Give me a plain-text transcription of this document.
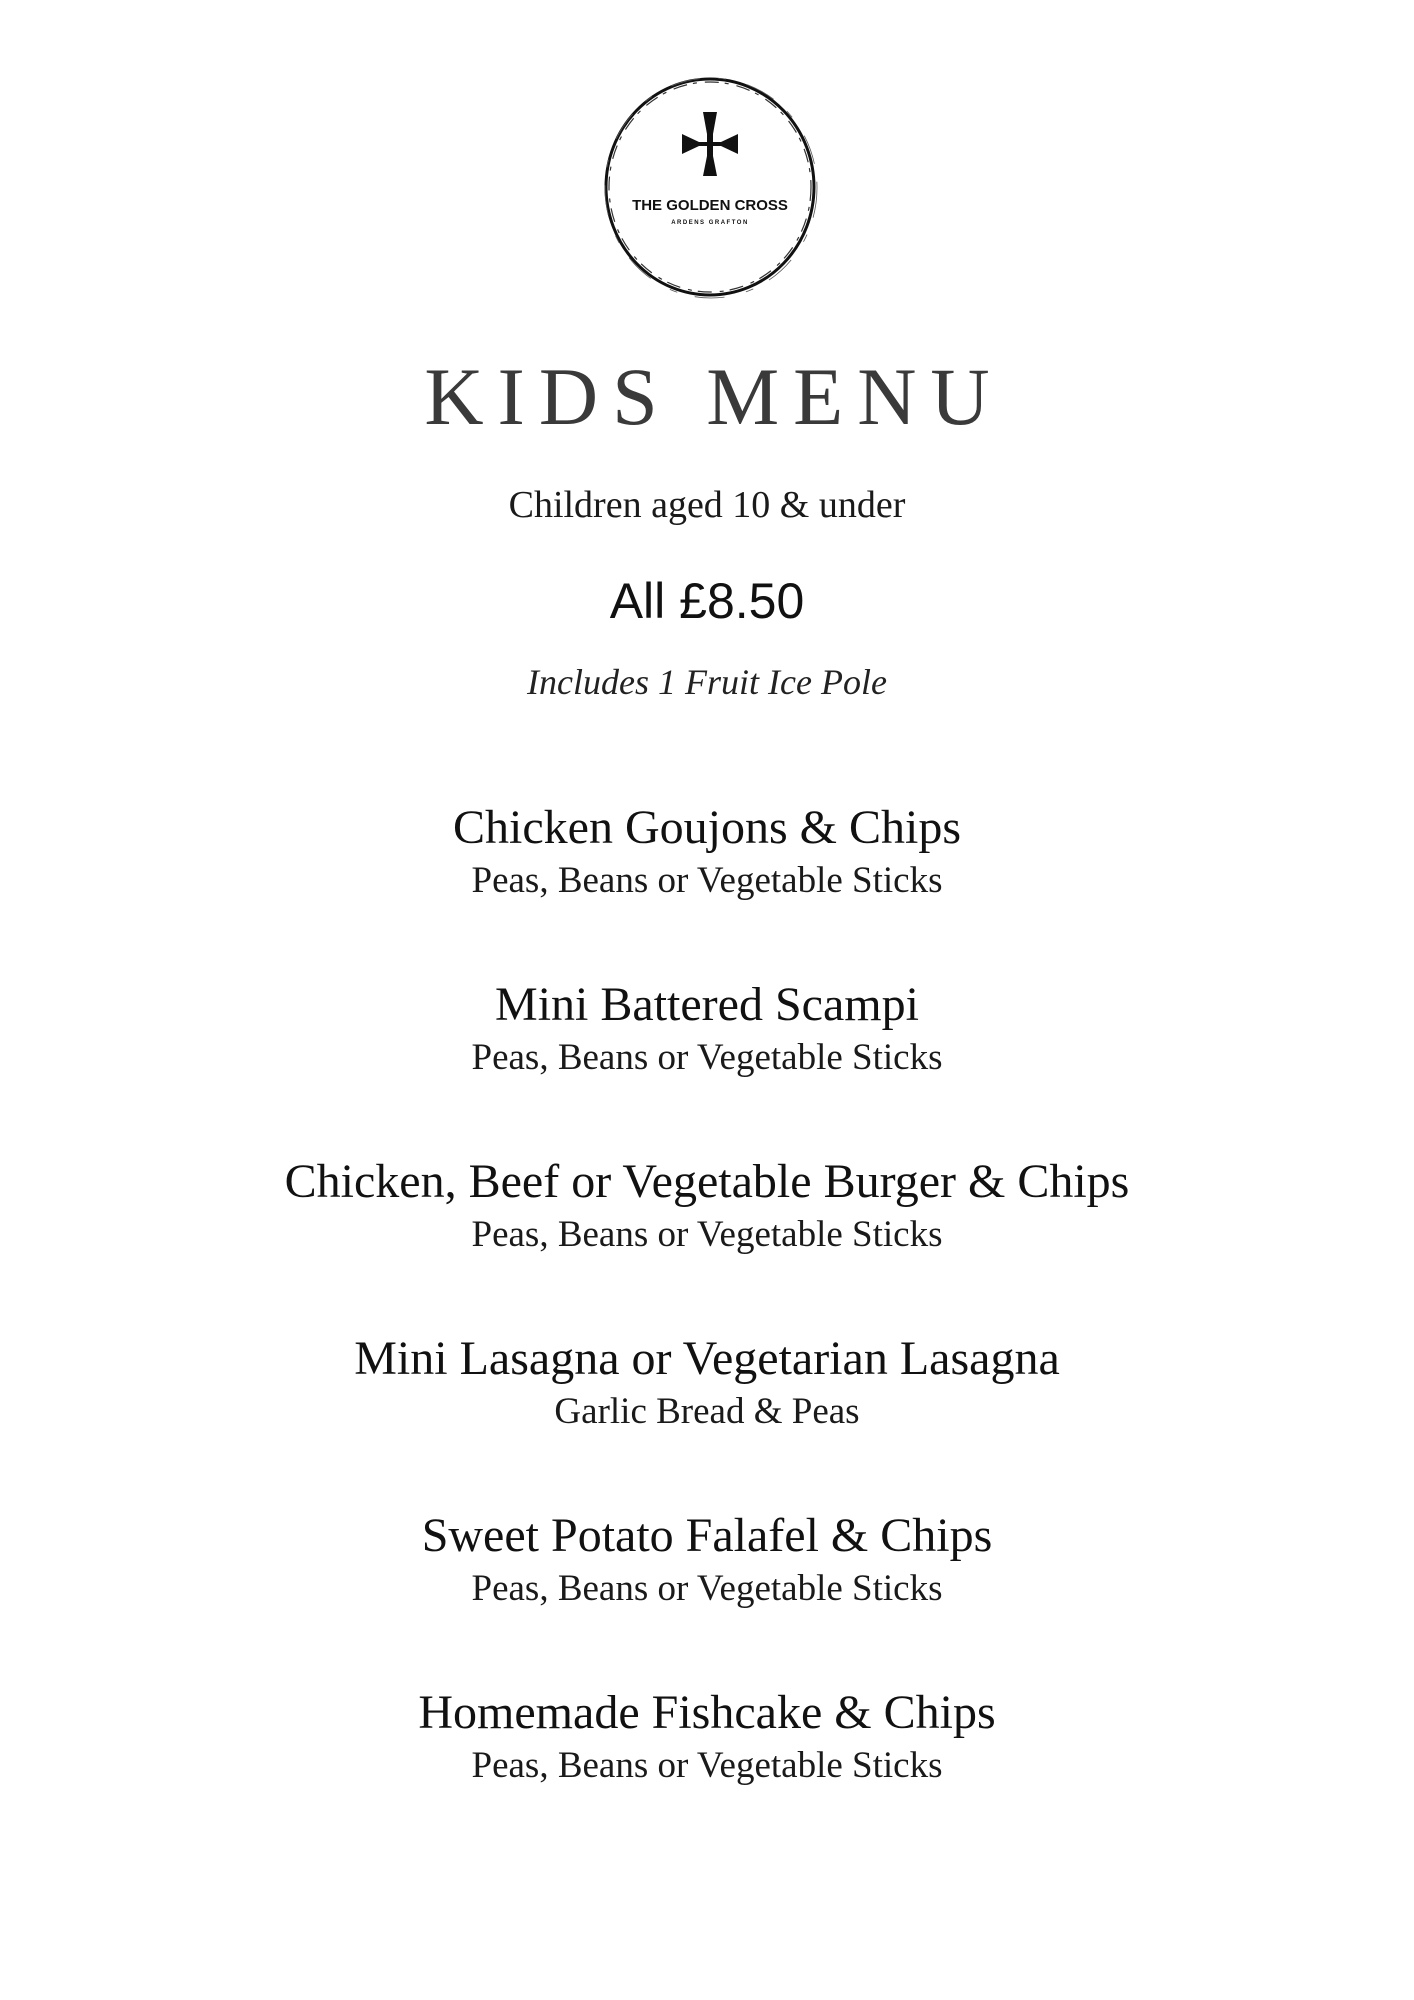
THE GOLDEN CROSS
ARDENS GRAFTON
KIDS MENU
Children aged 10 & under
All £8.50
Includes 1 Fruit Ice Pole
Chicken Goujons & Chips
Peas, Beans or Vegetable Sticks
Mini Battered Scampi
Peas, Beans or Vegetable Sticks
Chicken, Beef or Vegetable Burger & Chips
Peas, Beans or Vegetable Sticks
Mini Lasagna or Vegetarian Lasagna
Garlic Bread & Peas
Sweet Potato Falafel & Chips
Peas, Beans or Vegetable Sticks
Homemade Fishcake & Chips
Peas, Beans or Vegetable Sticks
